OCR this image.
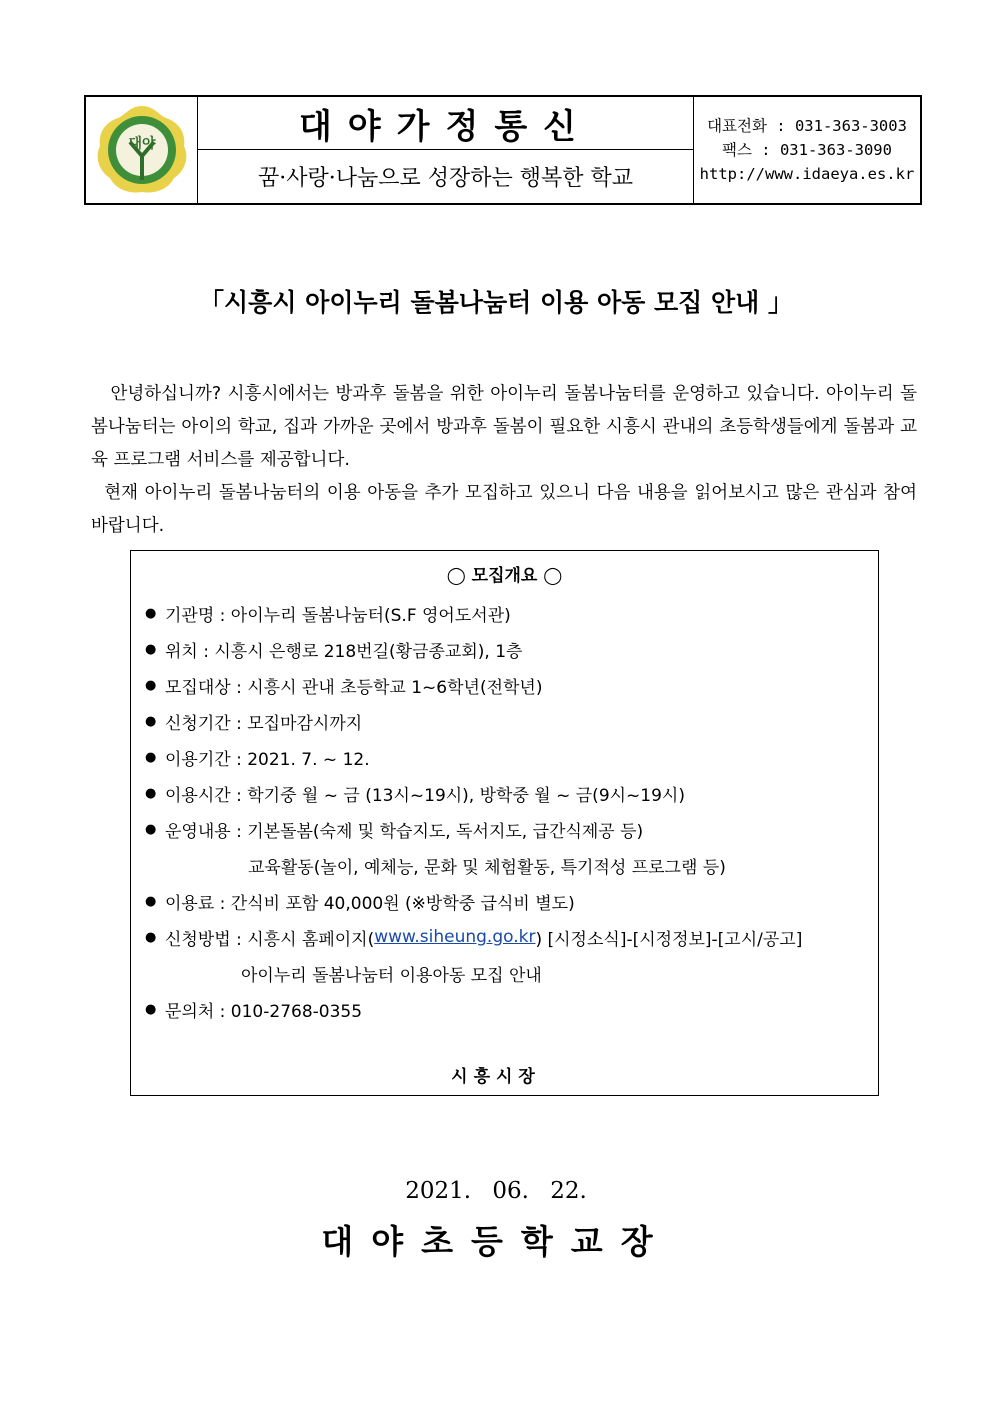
대야	대야가정통신
꿈·사랑·나눔으로 성장하는 행복한 학교
대표전화 : 031-363-3003
팩스 : 031-363-3090
http://www.idaeya.es.kr
「시흥시 아이누리 돌봄나눔터 이용 아동 모집 안내 」

안녕하십니까? 시흥시에서는 방과후 돌봄을 위한 아이누리 돌봄나눔터를 운영하고 있습니다. 아이누리 돌봄나눔터는 아이의 학교, 집과 가까운 곳에서 방과후 돌봄이 필요한 시흥시 관내의 초등학생들에게 돌봄과 교육 프로그램 서비스를 제공합니다.

현재 아이누리 돌봄나눔터의 이용 아동을 추가 모집하고 있으니 다음 내용을 읽어보시고 많은 관심과 참여 바랍니다.

◯ 모집개요 ◯
● 기관명 : 아이누리 돌봄나눔터(S.F 영어도서관)
● 위치 : 시흥시 은행로 218번길(황금종교회), 1층
● 모집대상 : 시흥시 관내 초등학교 1~6학년(전학년)
● 신청기간 : 모집마감시까지
● 이용기간 : 2021. 7. ~ 12.
● 이용시간 : 학기중 월 ~ 금 (13시~19시), 방학중 월 ~ 금(9시~19시)
● 운영내용 : 기본돌봄(숙제 및 학습지도, 독서지도, 급간식제공 등)
교육활동(놀이, 예체능, 문화 및 체험활동, 특기적성 프로그램 등)
● 이용료 : 간식비 포함 40,000원 (※방학중 급식비 별도)
● 신청방법 : 시흥시 홈페이지( www.siheung.go.kr ) [시정소식]-[시정정보]-[고시/공고]
아이누리 돌봄나눔터 이용아동 모집 안내
● 문의처 : 010-2768-0355
시흥시장
2021. 06. 22.
대야초등학교장
